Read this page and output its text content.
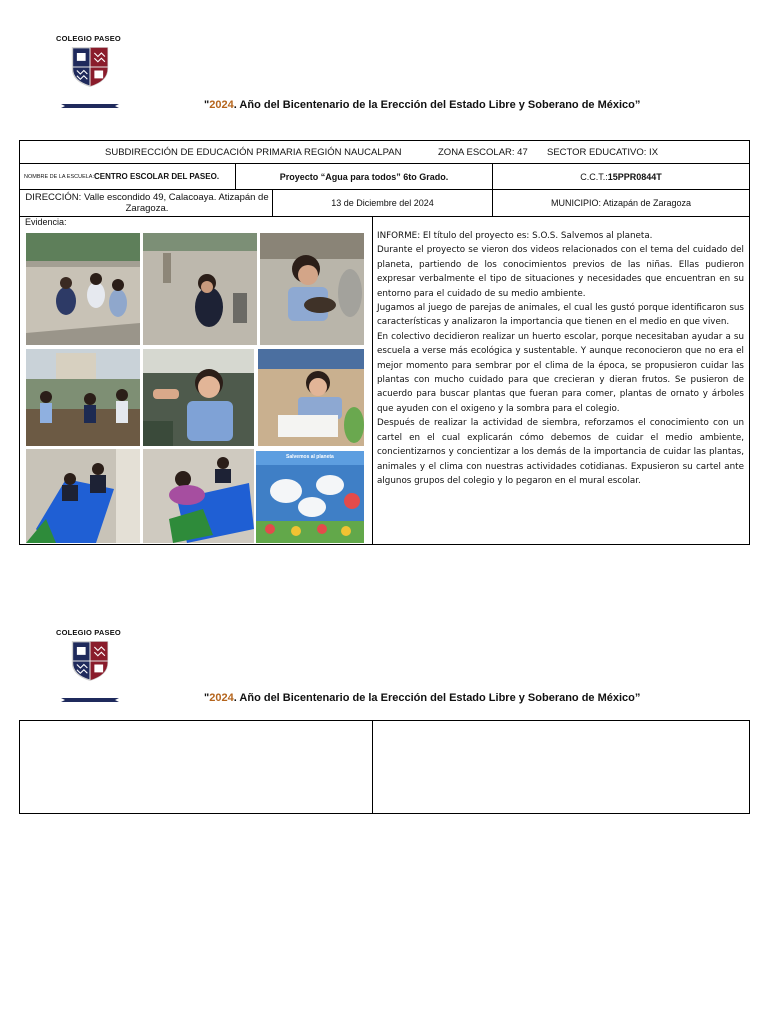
COLEGIO PASEO
"2024. Año del Bicentenario de la Erección del Estado Libre y Soberano de México”
SUBDIRECCIÓN DE EDUCACIÓN PRIMARIA REGIÓN NAUCALPAN	ZONA ESCOLAR: 47	SECTOR EDUCATIVO: IX
NOMBRE DE LA ESCUELA: CENTRO ESCOLAR DEL PASEO.	Proyecto “Agua para todos” 6to Grado.	C.C.T.: 15PPR0844T
DIRECCIÓN: Valle escondido 49, Calacoaya. Atizapán de Zaragoza.	13 de Diciembre del 2024	MUNICIPIO: Atizapán de Zaragoza
Evidencia:
Salvemos al planeta

INFORME: El título del proyecto es: S.O.S. Salvemos al planeta.

Durante el proyecto se vieron dos videos relacionados con el tema del cuidado del planeta, partiendo de los conocimientos previos de las niñas. Ellas pudieron expresar verbalmente el tipo de situaciones y necesidades que encuentran en su entorno para el cuidado de su medio ambiente.

Jugamos al juego de parejas de animales, el cual les gustó porque identificaron sus características y analizaron la importancia que tienen en el medio en que viven.

En colectivo decidieron realizar un huerto escolar, porque necesitaban ayudar a su escuela a verse más ecológica y sustentable. Y aunque reconocieron que no era el mejor momento para sembrar por el clima de la época, se propusieron cuidar las plantas con mucho cuidado para que crecieran y dieran frutos. Se pusieron de acuerdo para buscar plantas que fueran para comer, plantas de ornato y árboles que ayuden con el oxigeno y la sombra para el colegio.

Después de realizar la actividad de siembra, reforzamos el conocimiento con un cartel en el cual explicarán cómo debemos de cuidar el medio ambiente, concientizarnos y concientizar a los demás de la importancia de cuidar las plantas, animales y el clima con nuestras actividades cotidianas. Expusieron su cartel ante algunos grupos del colegio y lo pegaron en el mural escolar.

COLEGIO PASEO
"2024. Año del Bicentenario de la Erección del Estado Libre y Soberano de México”
